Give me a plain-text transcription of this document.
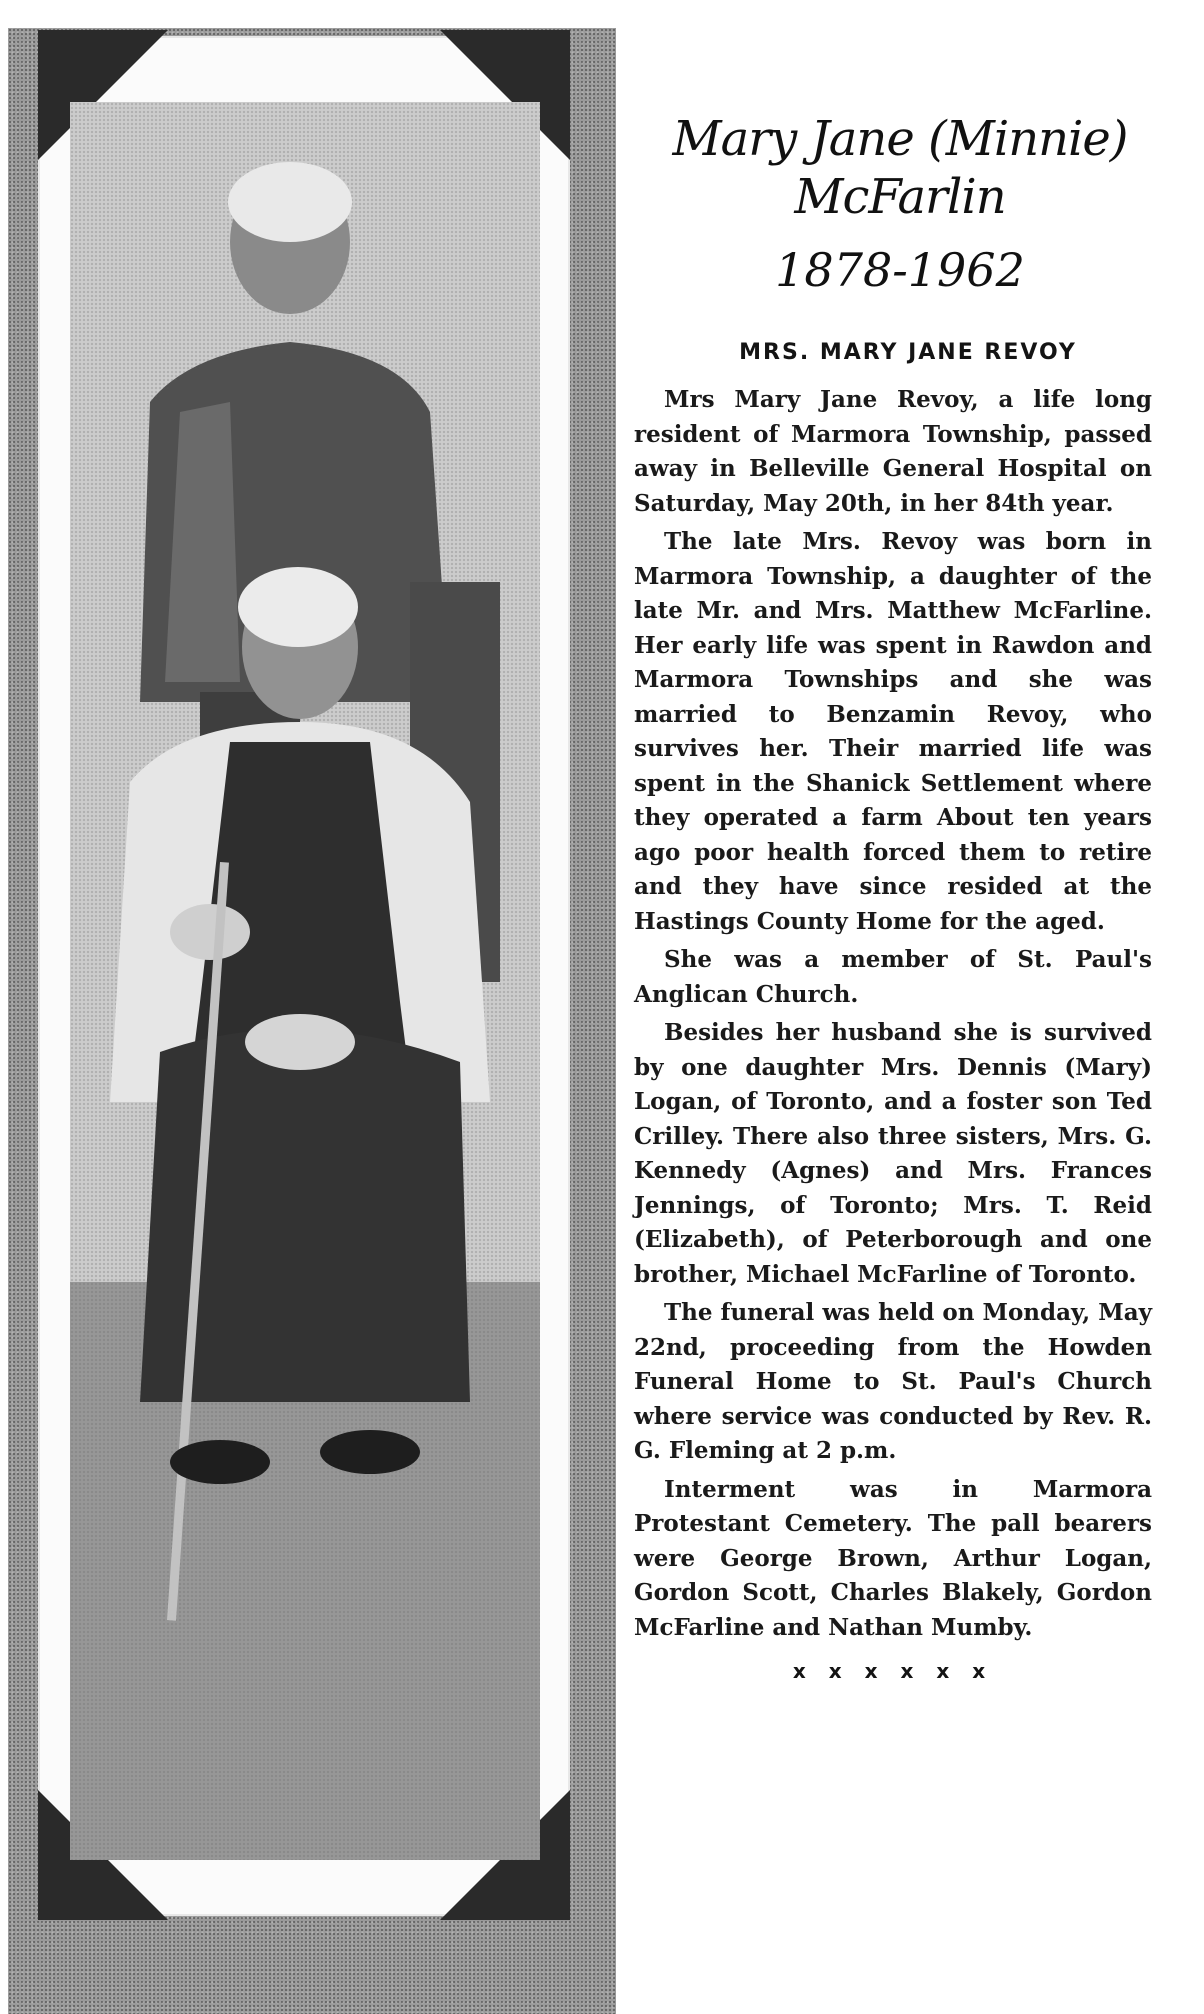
Mary Jane (Minnie)
McFarlin
1878-1962
MRS. MARY JANE REVOY

Mrs Mary Jane Revoy, a life long resident of Marmora Township, passed away in Belleville General Hospital on Saturday, May 20th, in her 84th year.

The late Mrs. Revoy was born in Marmora Township, a daughter of the late Mr. and Mrs. Matthew McFarline. Her early life was spent in Rawdon and Marmora Townships and she was married to Benzamin Revoy, who survives her. Their married life was spent in the Shanick Settlement where they operated a farm About ten years ago poor health forced them to retire and they have since resided at the Hastings County Home for the aged.

She was a member of St. Paul's Anglican Church.

Besides her husband she is survived by one daughter Mrs. Dennis (Mary) Logan, of Toronto, and a foster son Ted Crilley. There also three sisters, Mrs. G. Kennedy (Agnes) and Mrs. Frances Jennings, of Toronto; Mrs. T. Reid (Elizabeth), of Peterborough and one brother, Michael McFarline of Toronto.

The funeral was held on Monday, May 22nd, proceeding from the Howden Funeral Home to St. Paul's Church where service was conducted by Rev. R. G. Fleming at 2 p.m.

Interment was in Marmora Protestant Cemetery. The pall bearers were George Brown, Arthur Logan, Gordon Scott, Charles Blakely, Gordon McFarline and Nathan Mumby.

x x x x x x
